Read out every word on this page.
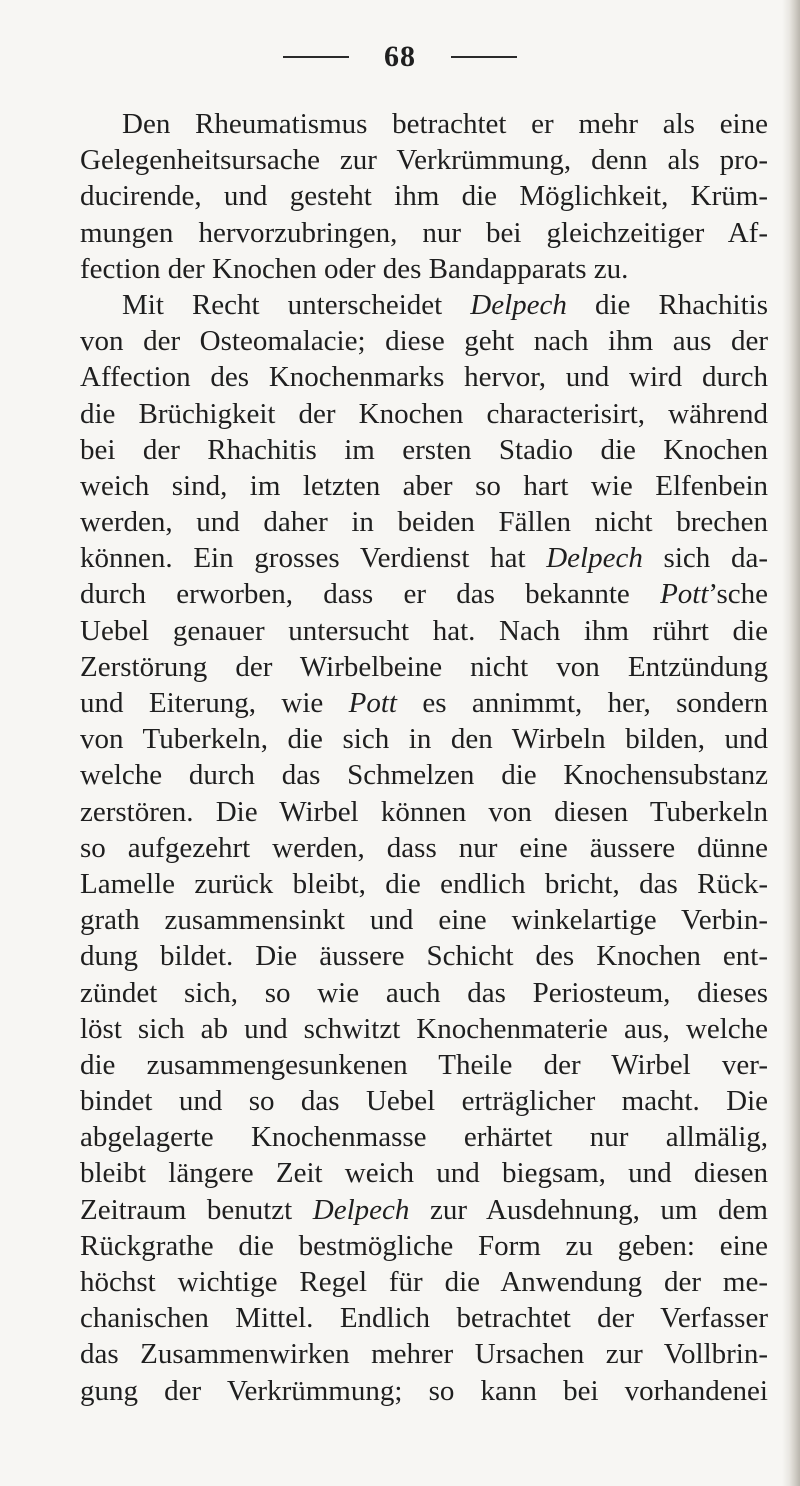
68
Den Rheumatismus betrachtet er mehr als eine
Gelegenheitsursache zur Verkrümmung, denn als pro-
ducirende, und gesteht ihm die Möglichkeit, Krüm-
mungen hervorzubringen, nur bei gleichzeitiger Af-
fection der Knochen oder des Bandapparats zu.
Mit Recht unterscheidet Delpech die Rhachitis
von der Osteomalacie; diese geht nach ihm aus der
Affection des Knochenmarks hervor, und wird durch
die Brüchigkeit der Knochen characterisirt, während
bei der Rhachitis im ersten Stadio die Knochen
weich sind, im letzten aber so hart wie Elfenbein
werden, und daher in beiden Fällen nicht brechen
können. Ein grosses Verdienst hat Delpech sich da-
durch erworben, dass er das bekannte Pott’sche
Uebel genauer untersucht hat. Nach ihm rührt die
Zerstörung der Wirbelbeine nicht von Entzündung
und Eiterung, wie Pott es annimmt, her, sondern
von Tuberkeln, die sich in den Wirbeln bilden, und
welche durch das Schmelzen die Knochensubstanz
zerstören. Die Wirbel können von diesen Tuberkeln
so aufgezehrt werden, dass nur eine äussere dünne
Lamelle zurück bleibt, die endlich bricht, das Rück-
grath zusammensinkt und eine winkelartige Verbin-
dung bildet. Die äussere Schicht des Knochen ent-
zündet sich, so wie auch das Periosteum, dieses
löst sich ab und schwitzt Knochenmaterie aus, welche
die zusammengesunkenen Theile der Wirbel ver-
bindet und so das Uebel erträglicher macht. Die
abgelagerte Knochenmasse erhärtet nur allmälig,
bleibt längere Zeit weich und biegsam, und diesen
Zeitraum benutzt Delpech zur Ausdehnung, um dem
Rückgrathe die bestmögliche Form zu geben: eine
höchst wichtige Regel für die Anwendung der me-
chanischen Mittel. Endlich betrachtet der Verfasser
das Zusammenwirken mehrer Ursachen zur Vollbrin-
gung der Verkrümmung; so kann bei vorhandenei
